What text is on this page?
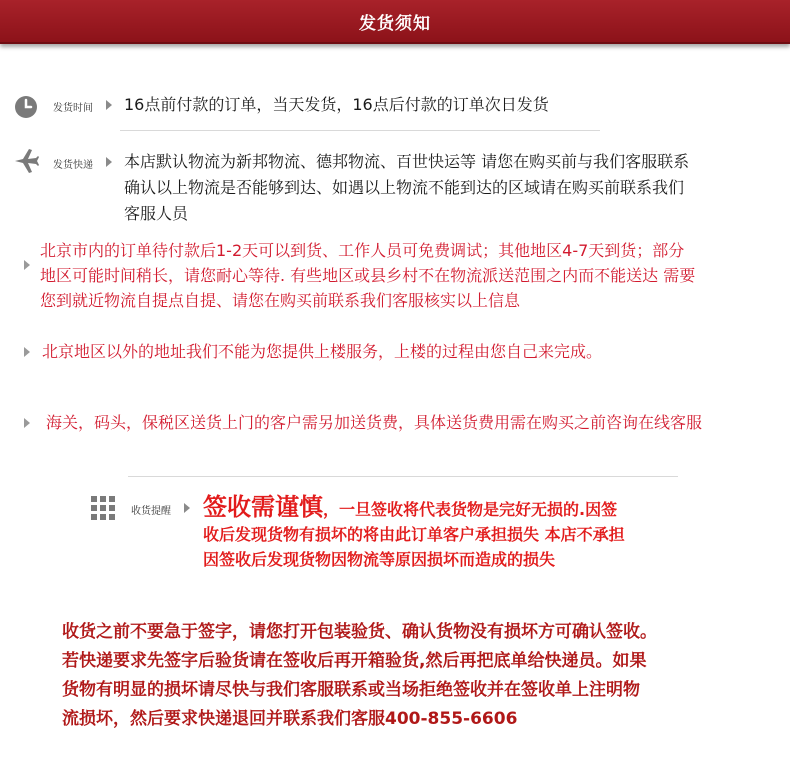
发货须知
发货时间 16点前付款的订单，当天发货，16点后付款的订单次日发货
发货快递 本店默认物流为新邦物流、德邦物流、百世快运等 请您在购买前与我们客服联系
确认以上物流是否能够到达、如遇以上物流不能到达的区域请在购买前联系我们
客服人员
北京市内的订单待付款后1-2天可以到货、工作人员可免费调试；其他地区4-7天到货；部分
地区可能时间稍长，请您耐心等待. 有些地区或县乡村不在物流派送范围之内而不能送达 需要
您到就近物流自提点自提、请您在购买前联系我们客服核实以上信息
北京地区以外的地址我们不能为您提供上楼服务，上楼的过程由您自己来完成。
海关，码头，保税区送货上门的客户需另加送货费，具体送货费用需在购买之前咨询在线客服
收货提醒 签收需谨慎，一旦签收将代表货物是完好无损的.因签
收后发现货物有损坏的将由此订单客户承担损失 本店不承担
因签收后发现货物因物流等原因损坏而造成的损失
收货之前不要急于签字，请您打开包装验货、确认货物没有损坏方可确认签收。
若快递要求先签字后验货请在签收后再开箱验货,然后再把底单给快递员。如果
货物有明显的损坏请尽快与我们客服联系或当场拒绝签收并在签收单上注明物
流损坏，然后要求快递退回并联系我们客服400-855-6606
